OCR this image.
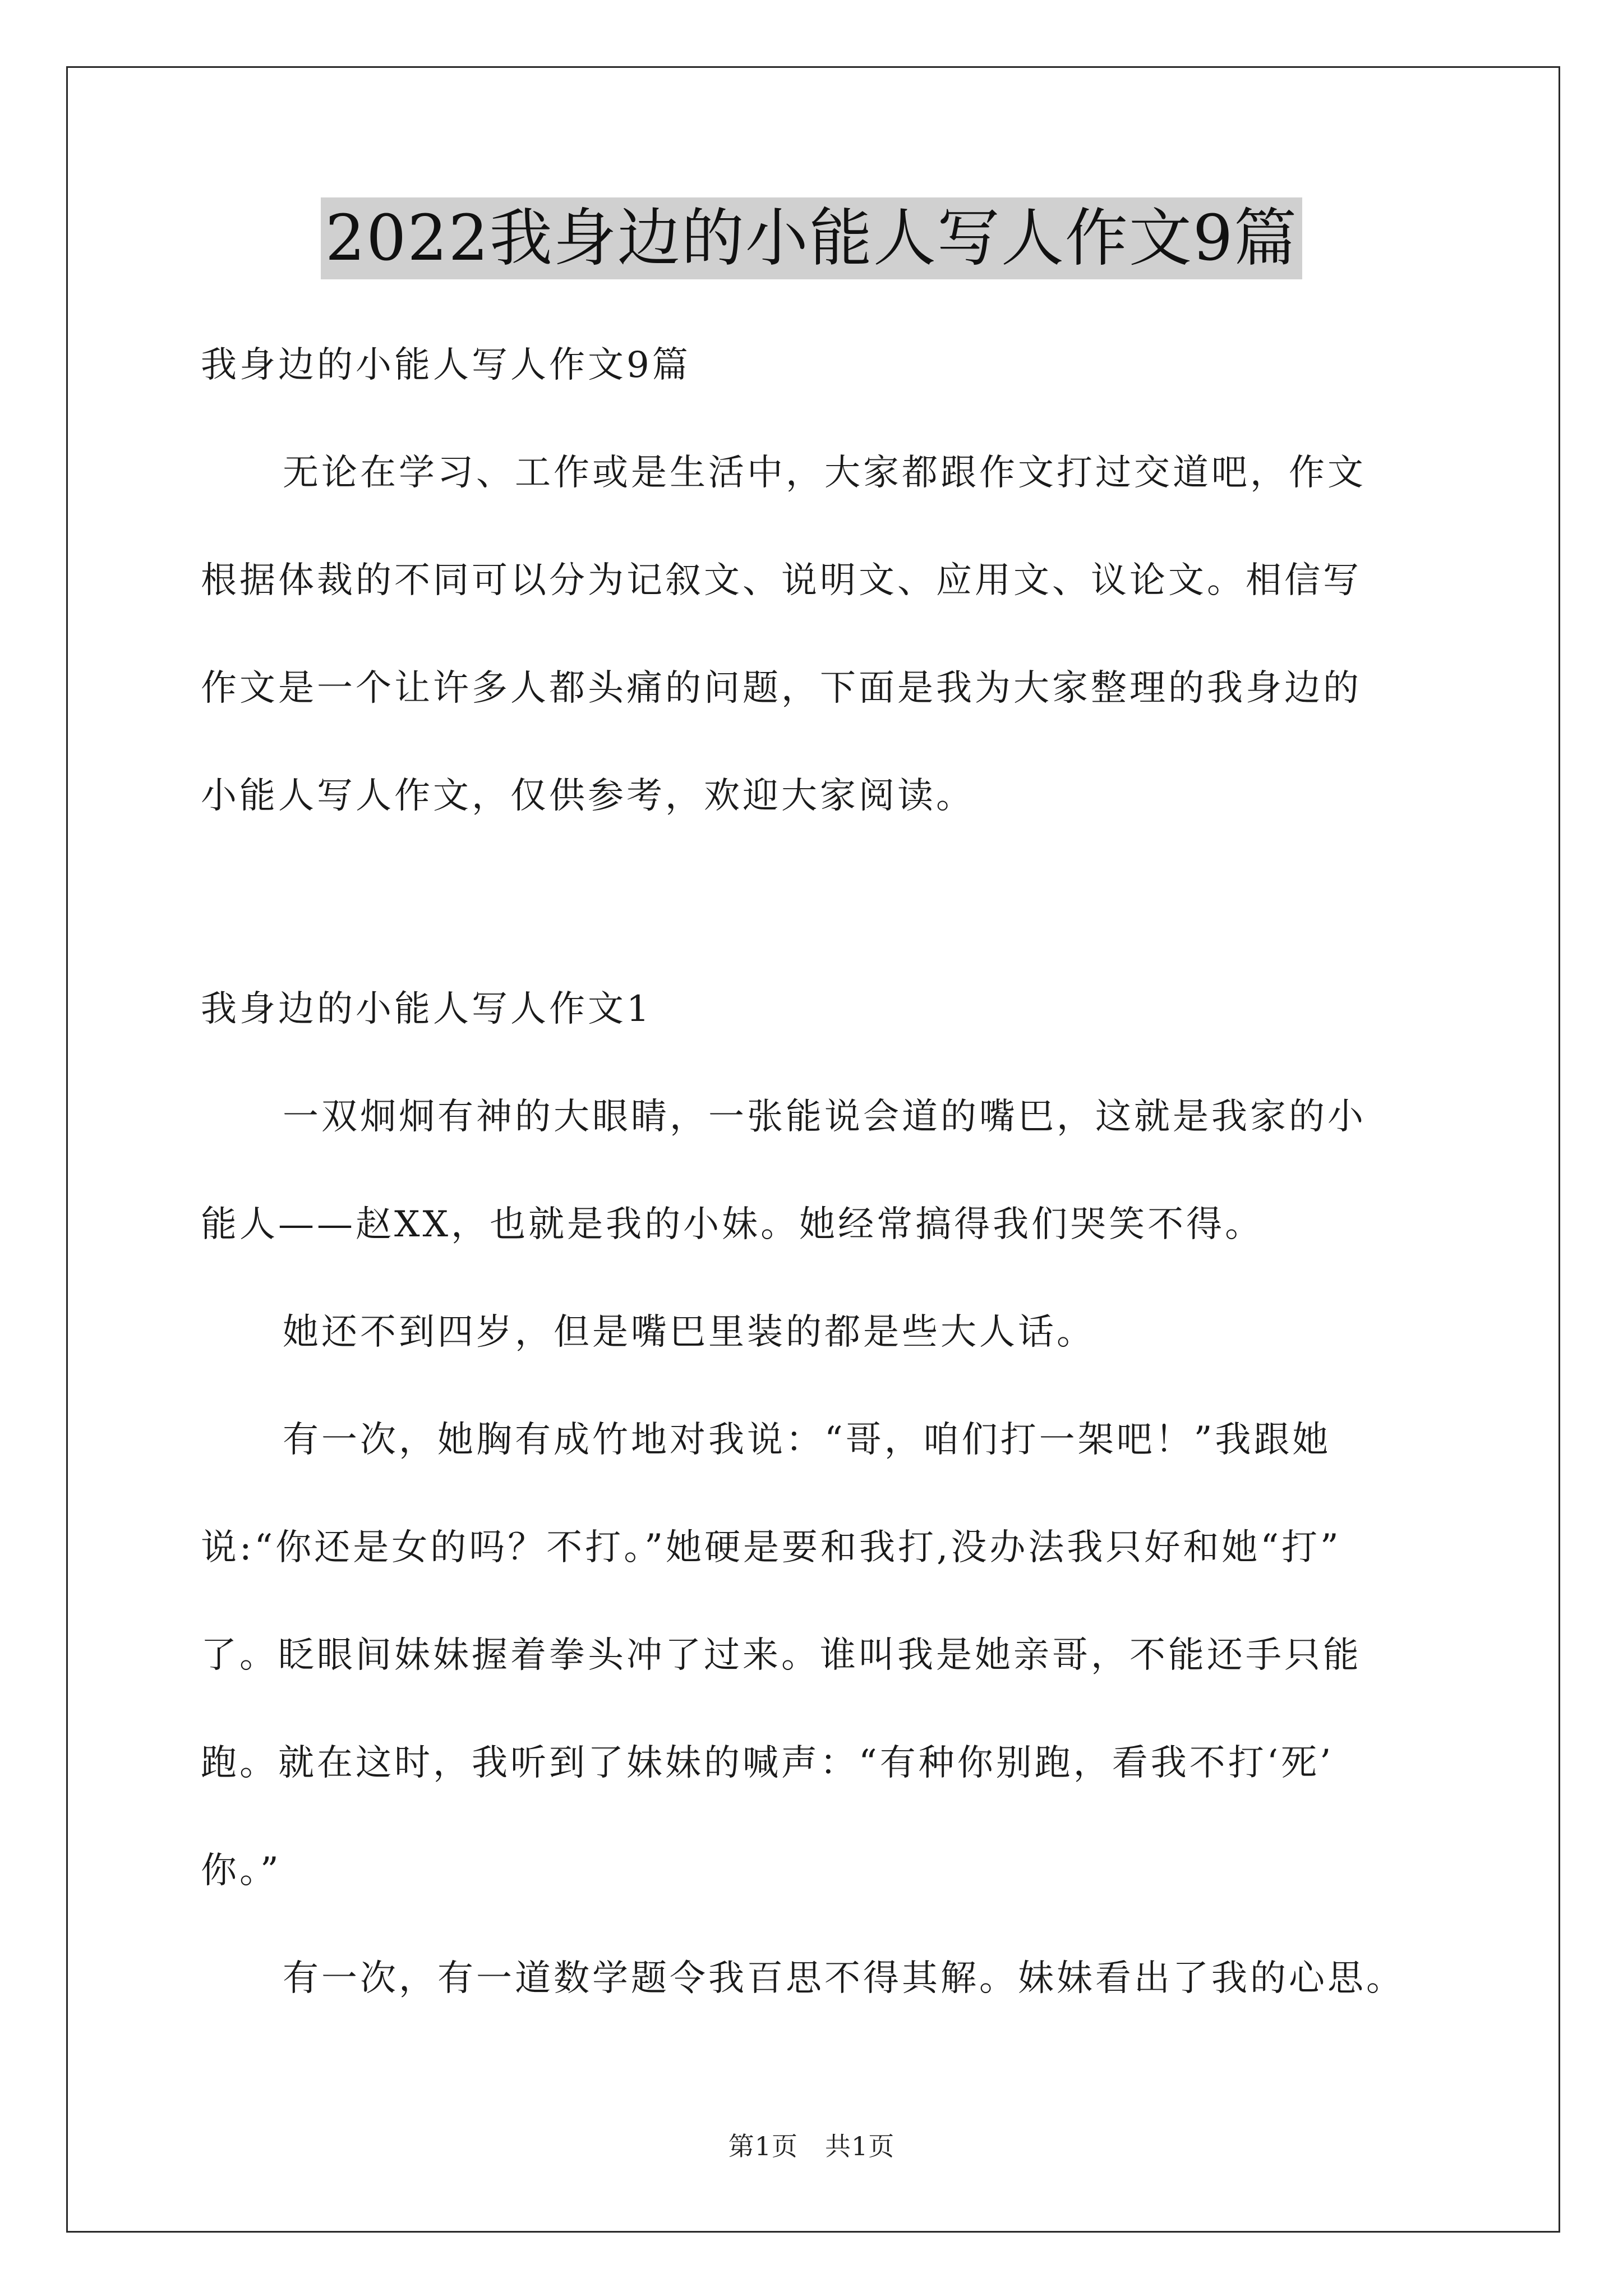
2022我身边的小能人写人作文9篇
我身边的小能人写人作文9篇
无论在学习、工作或是生活中，大家都跟作文打过交道吧，作文
根据体裁的不同可以分为记叙文、说明文、应用文、议论文。相信写
作文是一个让许多人都头痛的问题，下面是我为大家整理的我身边的
小能人写人作文，仅供参考，欢迎大家阅读。
我身边的小能人写人作文1
一双炯炯有神的大眼睛，一张能说会道的嘴巴，这就是我家的小
能人——赵XX，也就是我的小妹。她经常搞得我们哭笑不得。
她还不到四岁，但是嘴巴里装的都是些大人话。
有一次，她胸有成竹地对我说：“哥，咱们打一架吧！”我跟她
说:“你还是女的吗？不打。”她硬是要和我打,没办法我只好和她“打”
了。眨眼间妹妹握着拳头冲了过来。谁叫我是她亲哥，不能还手只能
跑。就在这时，我听到了妹妹的喊声：“有种你别跑，看我不打‘死’
你。”
有一次，有一道数学题令我百思不得其解。妹妹看出了我的心思。
第1页 共1页
